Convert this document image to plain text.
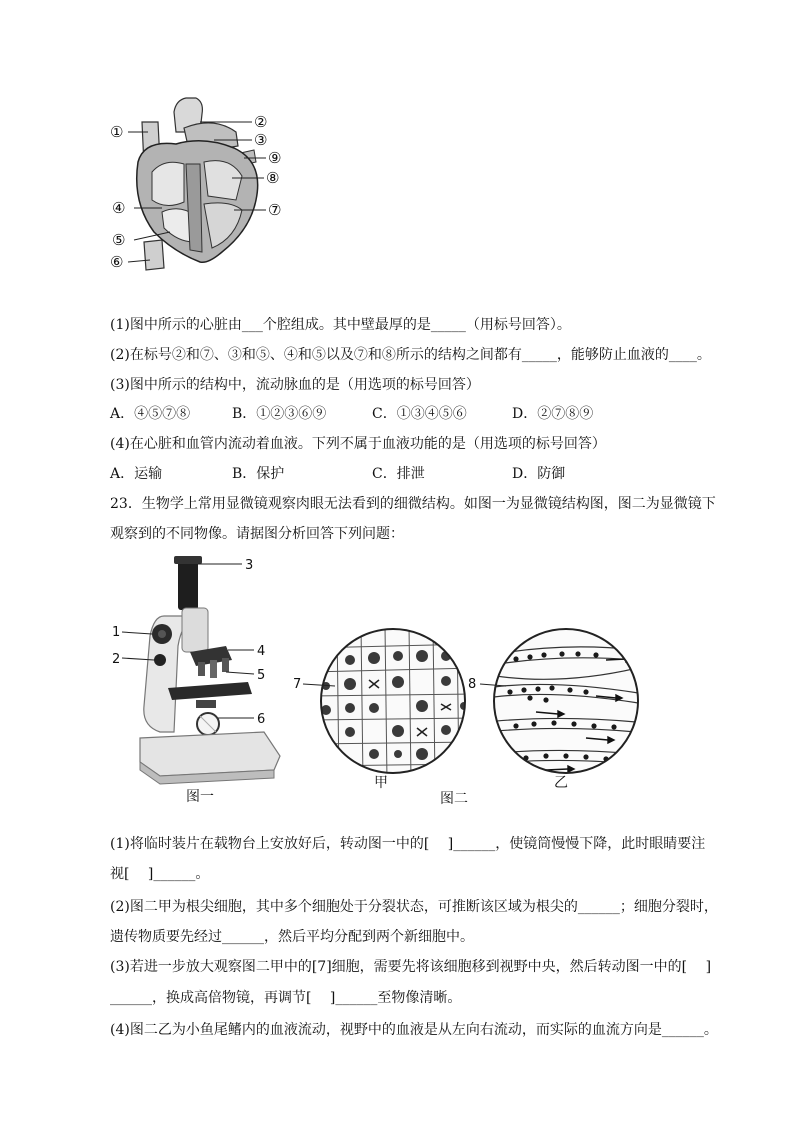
①
②
③
④
⑤
⑥
⑦
⑧
⑨
(1)图中所示的心脏由___个腔组成。其中壁最厚的是_____（用标号回答）。
(2)在标号②和⑦、③和⑤、④和⑤以及⑦和⑧所示的结构之间都有_____，能够防止血液的____。
(3)图中所示的结构中，流动脉血的是（用选项的标号回答）
A．④⑤⑦⑧	B．①②③⑥⑨	C．①③④⑤⑥	D．②⑦⑧⑨
(4)在心脏和血管内流动着血液。下列不属于血液功能的是（用选项的标号回答）
A．运输	B．保护	C．排泄	D．防御
23．生物学上常用显微镜观察肉眼无法看到的细微结构。如图一为显微镜结构图，图二为显微镜下
观察到的不同物像。请据图分析回答下列问题：
1
2
3
4
5
6
图一
7	8
甲	乙
图二
(1)将临时装片在载物台上安放好后，转动图一中的[　 ]______，使镜筒慢慢下降，此时眼睛要注
视[　 ]______。
(2)图二甲为根尖细胞，其中多个细胞处于分裂状态，可推断该区域为根尖的______；细胞分裂时，
遗传物质要先经过______，然后平均分配到两个新细胞中。
(3)若进一步放大观察图二甲中的[7]细胞，需要先将该细胞移到视野中央，然后转动图一中的[　 ]
______，换成高倍物镜，再调节[　 ]______至物像清晰。
(4)图二乙为小鱼尾鳍内的血液流动，视野中的血液是从左向右流动，而实际的血流方向是______。
